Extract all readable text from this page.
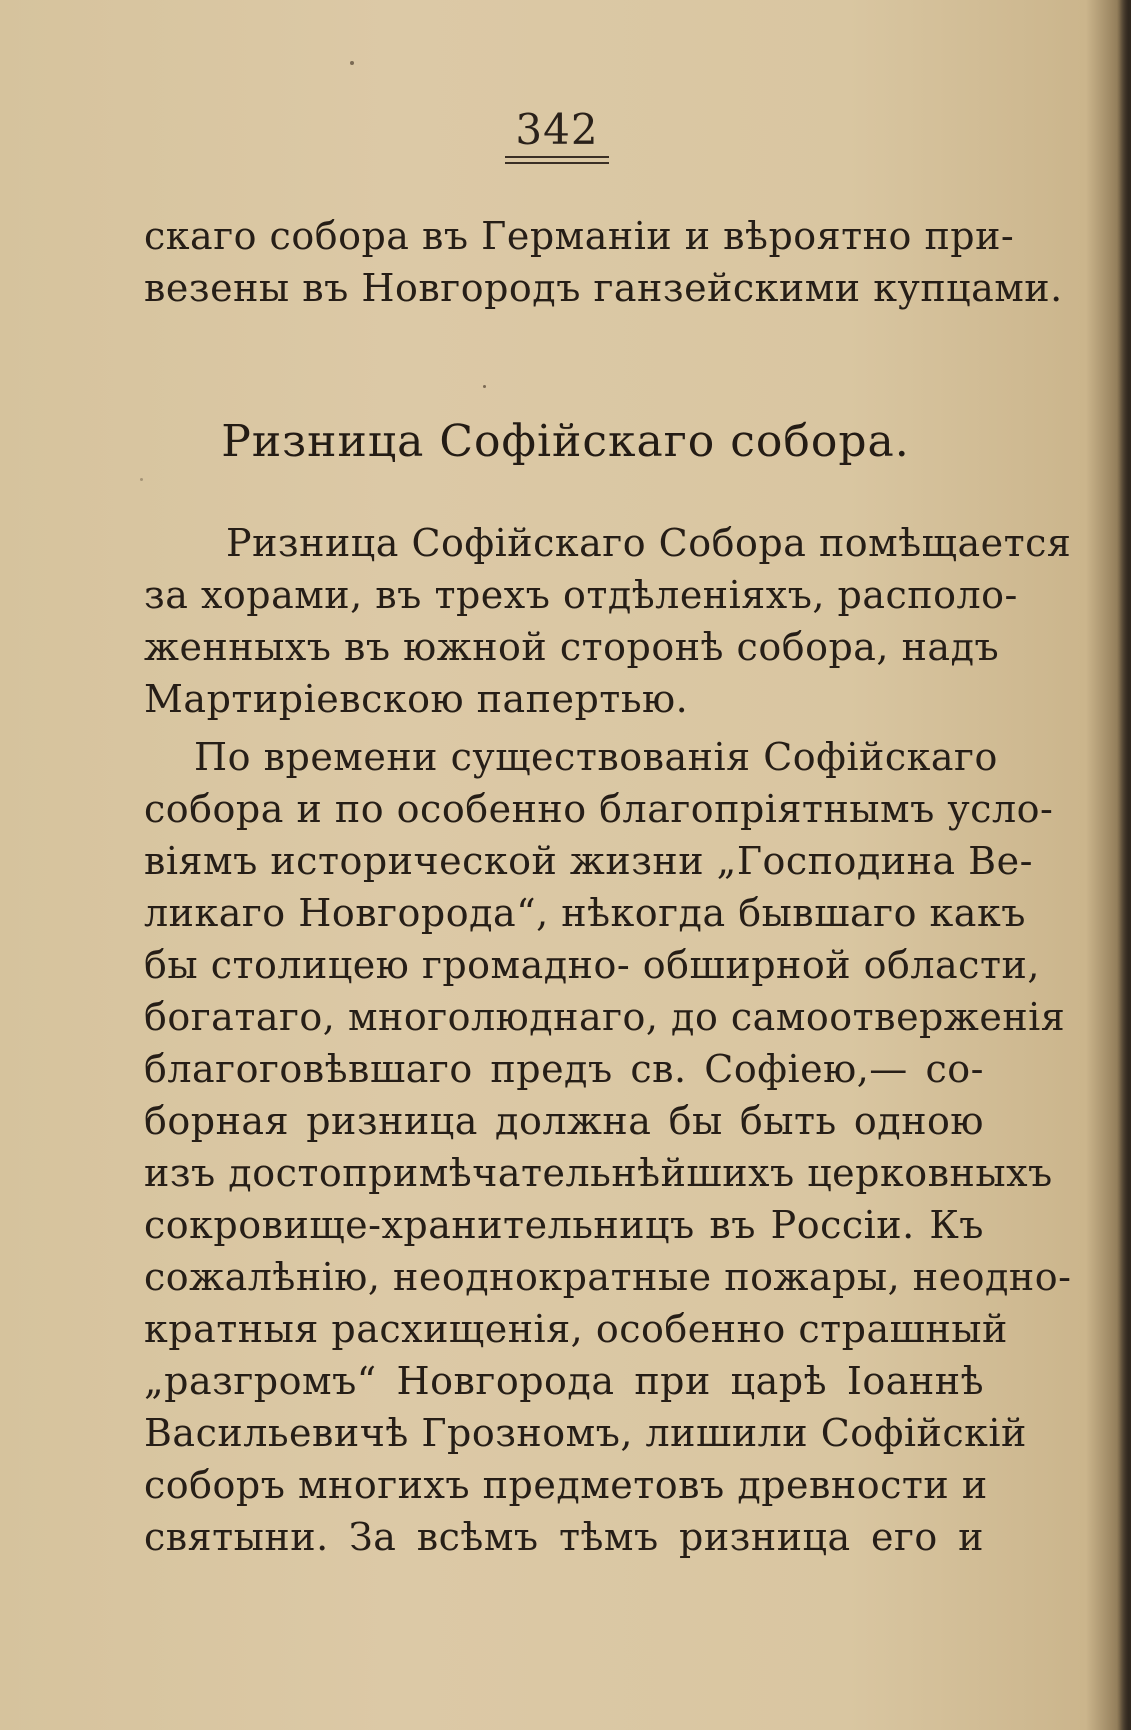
342
скаго собора въ Германіи и вѣроятно при-
везены въ Новгородъ ганзейскими купцами.
Ризница Софійскаго собора.
Ризница Софійскаго Собора помѣщается
за хорами, въ трехъ отдѣленіяхъ, располо-
женныхъ въ южной сторонѣ собора, надъ
Мартиріевскою папертью.
По времени существованія Софійскаго
собора и по особенно благопріятнымъ усло-
віямъ исторической жизни „Господина Ве-
ликаго Новгорода“, нѣкогда бывшаго какъ
бы столицею громадно- обширной области,
богатаго, многолюднаго, до самоотверженія
благоговѣвшаго предъ св. Софіею,— со-
борная ризница должна бы быть одною
изъ достопримѣчательнѣйшихъ церковныхъ
сокровище-хранительницъ въ Россіи. Къ
сожалѣнію, неоднократные пожары, неодно-
кратныя расхищенія, особенно страшный
„разгромъ“ Новгорода при царѣ Іоаннѣ
Васильевичѣ Грозномъ, лишили Софійскій
соборъ многихъ предметовъ древности и
святыни. За всѣмъ тѣмъ ризница его и
